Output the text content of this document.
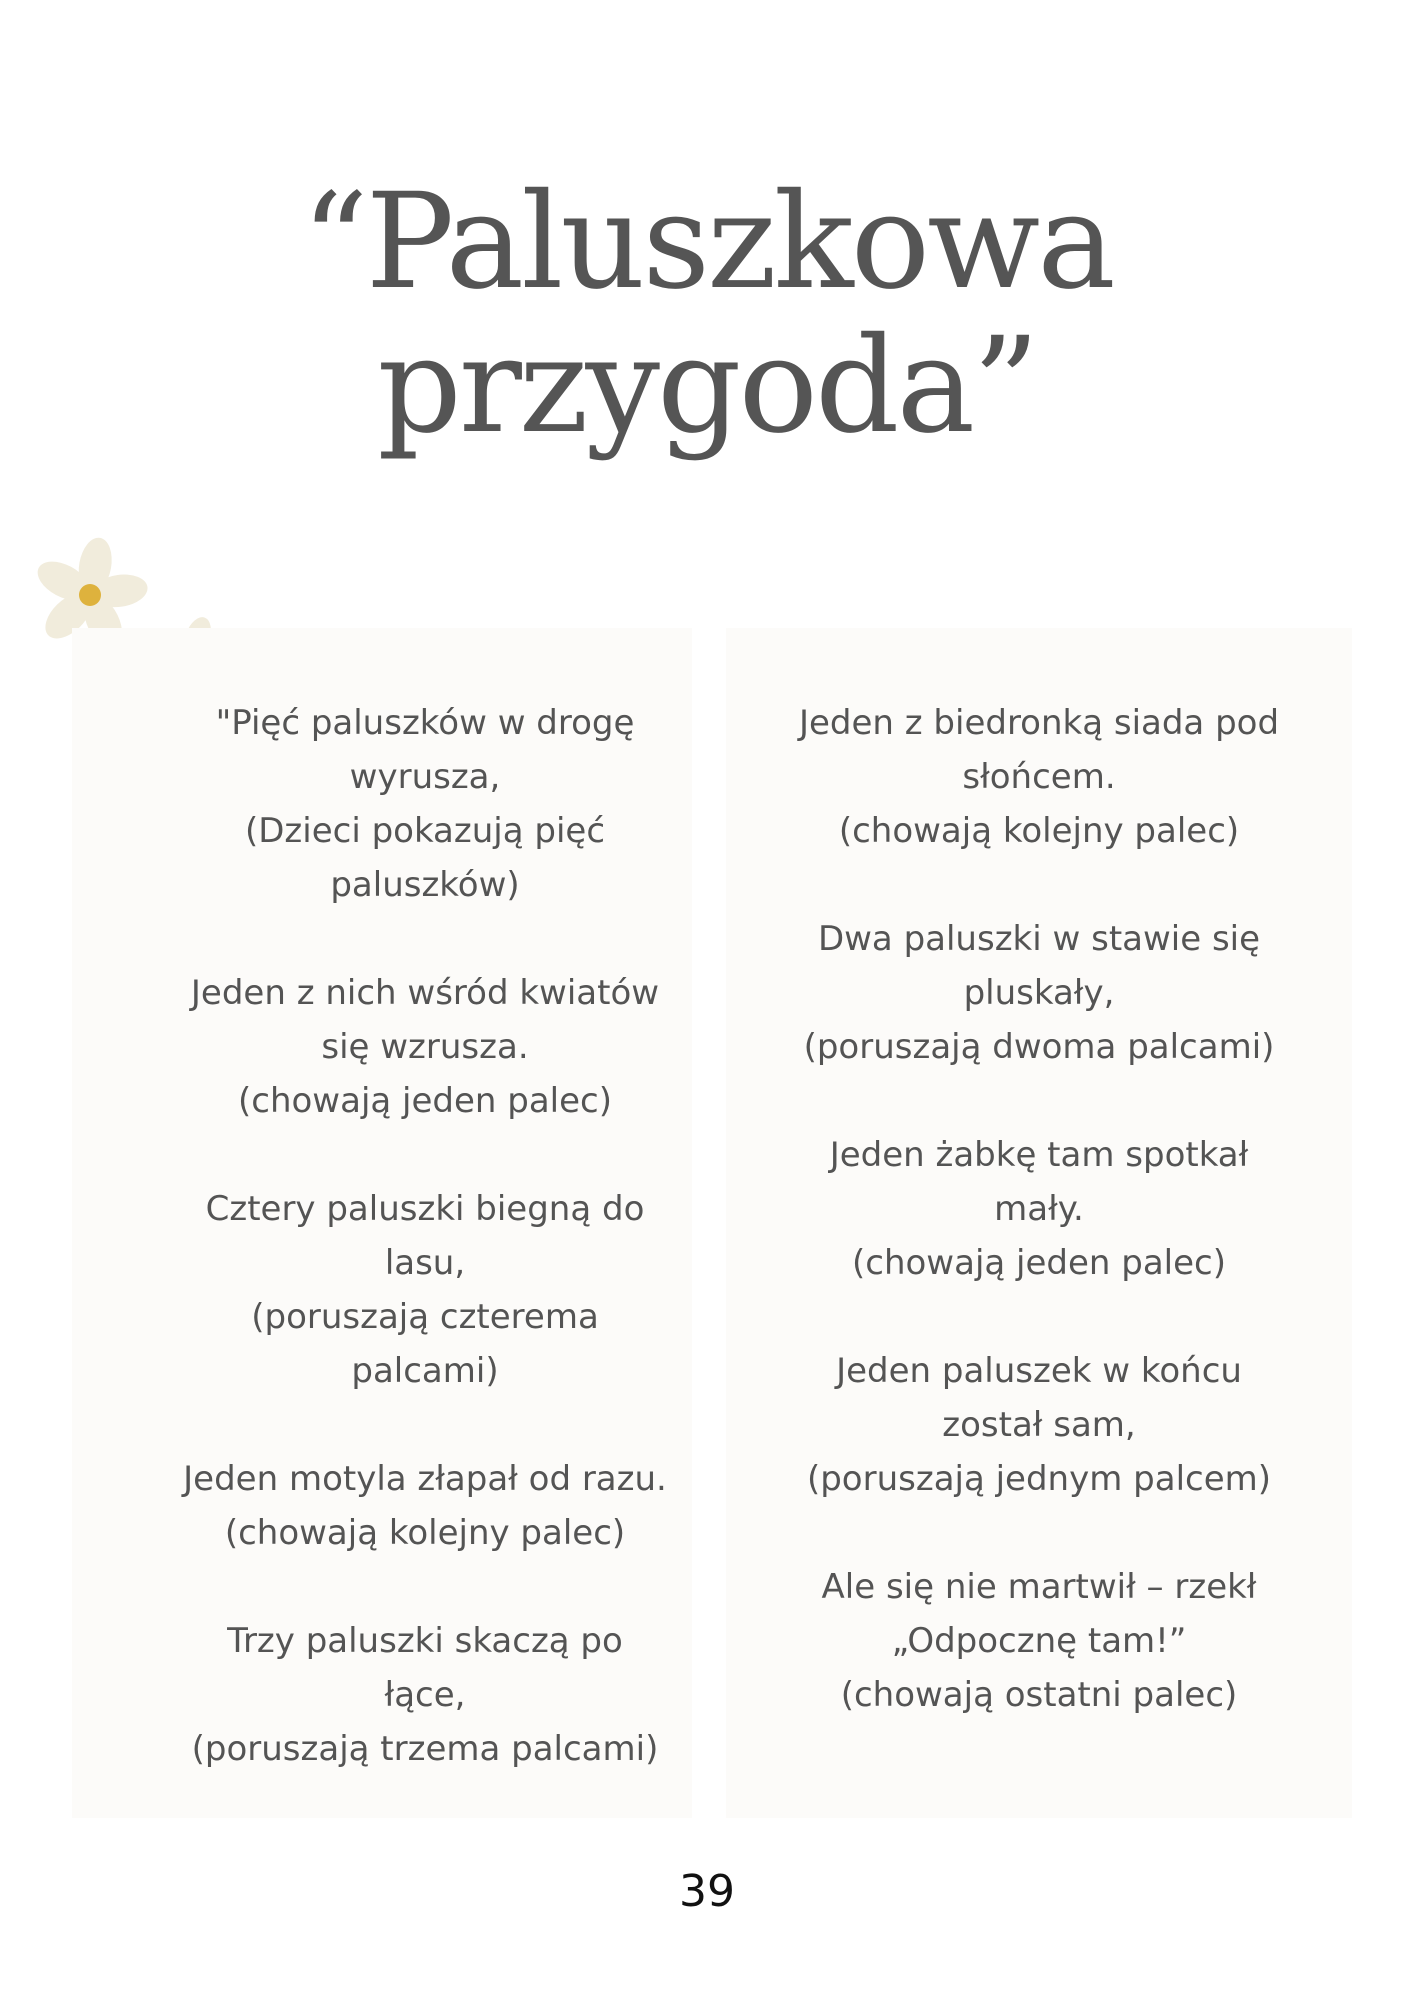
“Paluszkowa
przygoda”

"Pięć paluszków w drogę

wyrusza,

(Dzieci pokazują pięć

paluszków)

Jeden z nich wśród kwiatów

się wzrusza.

(chowają jeden palec)

Cztery paluszki biegną do

lasu,

(poruszają czterema

palcami)

Jeden motyla złapał od razu.

(chowają kolejny palec)

Trzy paluszki skaczą po

łące,

(poruszają trzema palcami)

Jeden z biedronką siada pod

słońcem.

(chowają kolejny palec)

Dwa paluszki w stawie się

pluskały,

(poruszają dwoma palcami)

Jeden żabkę tam spotkał

mały.

(chowają jeden palec)

Jeden paluszek w końcu

został sam,

(poruszają jednym palcem)

Ale się nie martwił – rzekł

„Odpocznę tam!”

(chowają ostatni palec)

39
